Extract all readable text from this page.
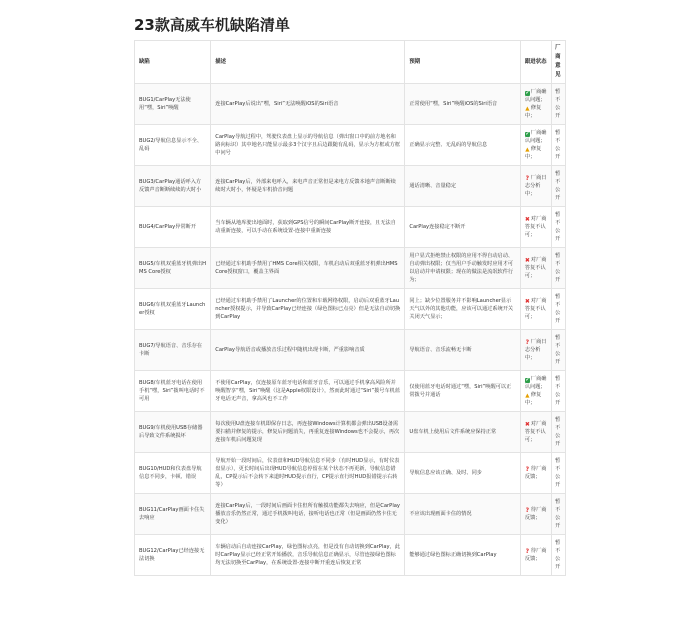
23款高威车机缺陷清单
缺陷	描述	预期	跟进状态	厂商意见
BUG1/CarPlay无法使用“嘿，Siri”唤醒	连接CarPlay后说出“嘿，Siri”无法唤醒iOS的Siri语音	正常使用“嘿，Siri”唤醒iOS的Siri语音	✔ 厂商确认问题；
▲修复中；	暂不公开
BUG2/导航信息显示不全、乱码	CarPlay导航过程中，驾驶仪表盘上显示的导航信息（弹出窗口中的前方地名和路向标识）其中地名只能显示最多3个汉字且后边跟随有乱码，显示为方框或方框中问号	正确显示完整、无乱码的导航信息	✔ 厂商确认问题；
▲修复中；	暂不公开
BUG3/CarPlay通话呼入方反馈声音断断续续的大时小	连接CarPlay后，外部来电呼入，来电声音正常但是来电方反馈本地声音断断续续时大时小，怀疑是车机拾音问题	通话清晰、音量稳定	? 厂商日志分析中；	暂不公开
BUG4/CarPlay异常断开	当车辆从地库驶出地面时，获取到GPS信号的瞬间CarPlay断开连接，且无法自动重新连接，可以手动在系统设置-连接中重新连接	CarPlay连接稳定不断开	✖对厂商答复不认可；	暂不公开
BUG5/车机双重蓝牙机弹出HMS Core授权	已经通过车机助手禁用了HMS Core相关权限，车机启动后双重蓝牙机弹出HMS Core授权窗口，覆盖主界面	用户显式拒绝禁止权限的应用不得自动启动、自动弹出权限；仅当用户手动触发时应用才可以启动并申请权限；现在的做法是流氓软件行为；	✖对厂商答复不认可；	暂不公开
BUG6/车机双重蓝牙Launcher授权	已经通过车机助手禁用了Launcher的位置和车载网络权限，启动后双重蓝牙Launcher授权提示，并导致CarPlay已经连接（绿色图标已点亮）但是无法自动切换到CarPlay	同上；缺少位置服务并不影响Launcher显示天气以外的其他功能，应该可以通过系统开关关闭天气显示；	✖对厂商答复不认可；	暂不公开
BUG7/导航语音、音乐存在卡断	CarPlay导航语音或播放音乐过程中随机出现卡断，严重影响音质	导航语音、音乐流畅无卡断	? 厂商日志分析中；	暂不公开
BUG8/车机蓝牙电话在使用手机“嘿，Siri”拨叫电话时不可用	不使用CarPlay，仅连接原车蓝牙电话和蓝牙音乐，可以通过手机拿高风险所并唤醒智享“嘿，Siri”唤醒（这是Apple权限设计），然而此时通过“Siri”拨号车机蓝牙电话无声音，拿高风也不工作	仅使用蓝牙电话时通过“嘿，Siri”唤醒可以正常拨号并通话	✔ 厂商确认问题；
▲修复中；	暂不公开
BUG9/车机使用USB存储器后导致文件系统损坏	每次使用U盘连接车机即保存日志，再连接Windows计算机都会弹出USB设备需要扫描并修复的提示，修复后问题消失，再重复连接Windows也不会提示，再次连接车机后问题复现	U盘车机上使用后文件系统应保持正常	✖对厂商答复不认可；	暂不公开
BUG10/HUD和仪表盘导航信息不同步，卡顿、错误	导航开始一段时间后，仪表盘和HUD导航信息不同步（有时HUD显示，有时仪表盘显示），更长时间后出现HUD导航信息停留在某个状态不再更新，导航信息错乱，CP提示后不会转下来道时HUD提示直行，CP提示直行时HUD报错提示右转等）	导航信息应该正确、及时、同步	? 待厂商反馈；	暂不公开
BUG11/CarPlay画面卡住失去响应	连接CarPlay后，一段时间后画面卡住但所有触摸功能都失去响应，但是CarPlay播放音乐仍然正常，通过手机拨叫电话，接听电话也正常（但是画面仍然卡住无变化）	不应该出现画面卡住的情况	? 待厂商反馈；	暂不公开
BUG12/CarPlay已经连接无法切换	车辆启动后自动连接CarPlay，绿色图标点亮，但是没有自动切换到CarPlay，此时CarPlay显示已经正常开始播放，音乐导航信息正确显示，尽管连接绿色图标均无法切换至CarPlay，在系统设置-连接中断开重连后恢复正常	能够通过绿色图标正确切换到CarPlay	? 待厂商反馈；	暂不公开
